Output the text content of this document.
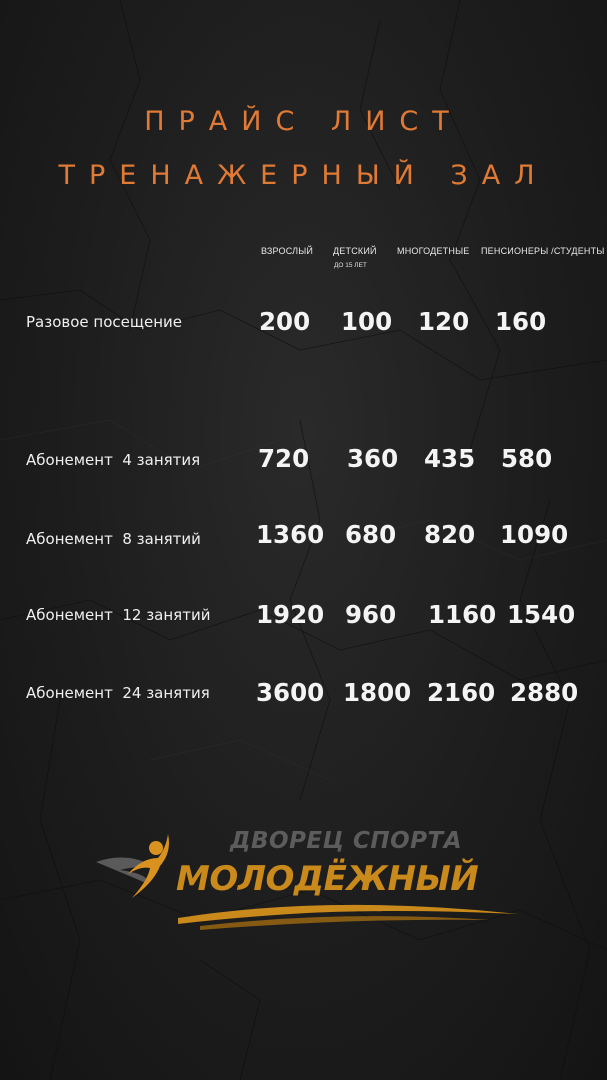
ПРАЙС ЛИСТ
ТРЕНАЖЕРНЫЙ ЗАЛ
ВЗРОСЛЫЙ ДЕТСКИЙ
ДО 15 ЛЕТ
МНОГОДЕТНЫЕ ПЕНСИОНЕРЫ /СТУДЕНТЫ
Разовое посещение	200 100 120 160
Абонемент  4 занятия 720 360 435 580
Абонемент  8 занятий 1360 680 820 1090
Абонемент  12 занятий 1920 960 1160 1540
Абонемент  24 занятия 3600 1800 2160 2880
ДВОРЕЦ СПОРТА
МОЛОДЁЖНЫЙ
